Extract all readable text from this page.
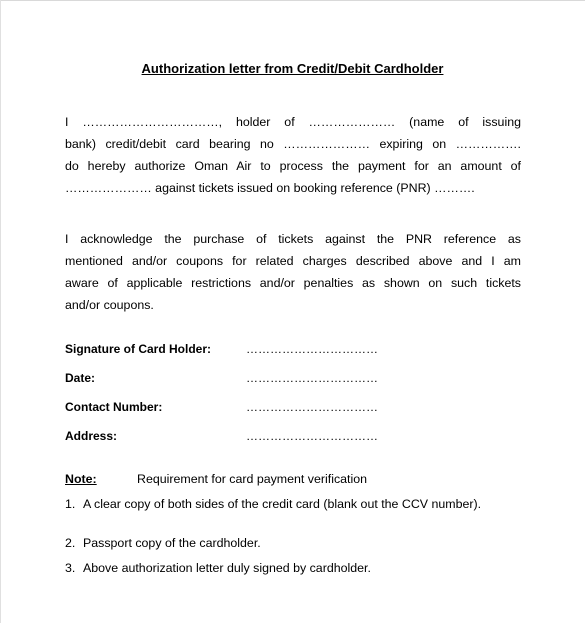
Authorization letter from Credit/Debit Cardholder
I ……………………………, holder of ………………… (name of issuing
bank) credit/debit card bearing no ………………… expiring on …………….
do hereby authorize Oman Air to process the payment for an amount of
………………… against tickets issued on booking reference (PNR) ……….
I acknowledge the purchase of tickets against the PNR reference as
mentioned and/or coupons for related charges described above and I am
aware of applicable restrictions and/or penalties as shown on such tickets
and/or coupons.
Signature of Card Holder:	……………………………
Date:	……………………………
Contact Number:	……………………………
Address:	……………………………
Note:	Requirement for card payment verification
1. A clear copy of both sides of the credit card (blank out the CCV number).
2. Passport copy of the cardholder.
3. Above authorization letter duly signed by cardholder.
